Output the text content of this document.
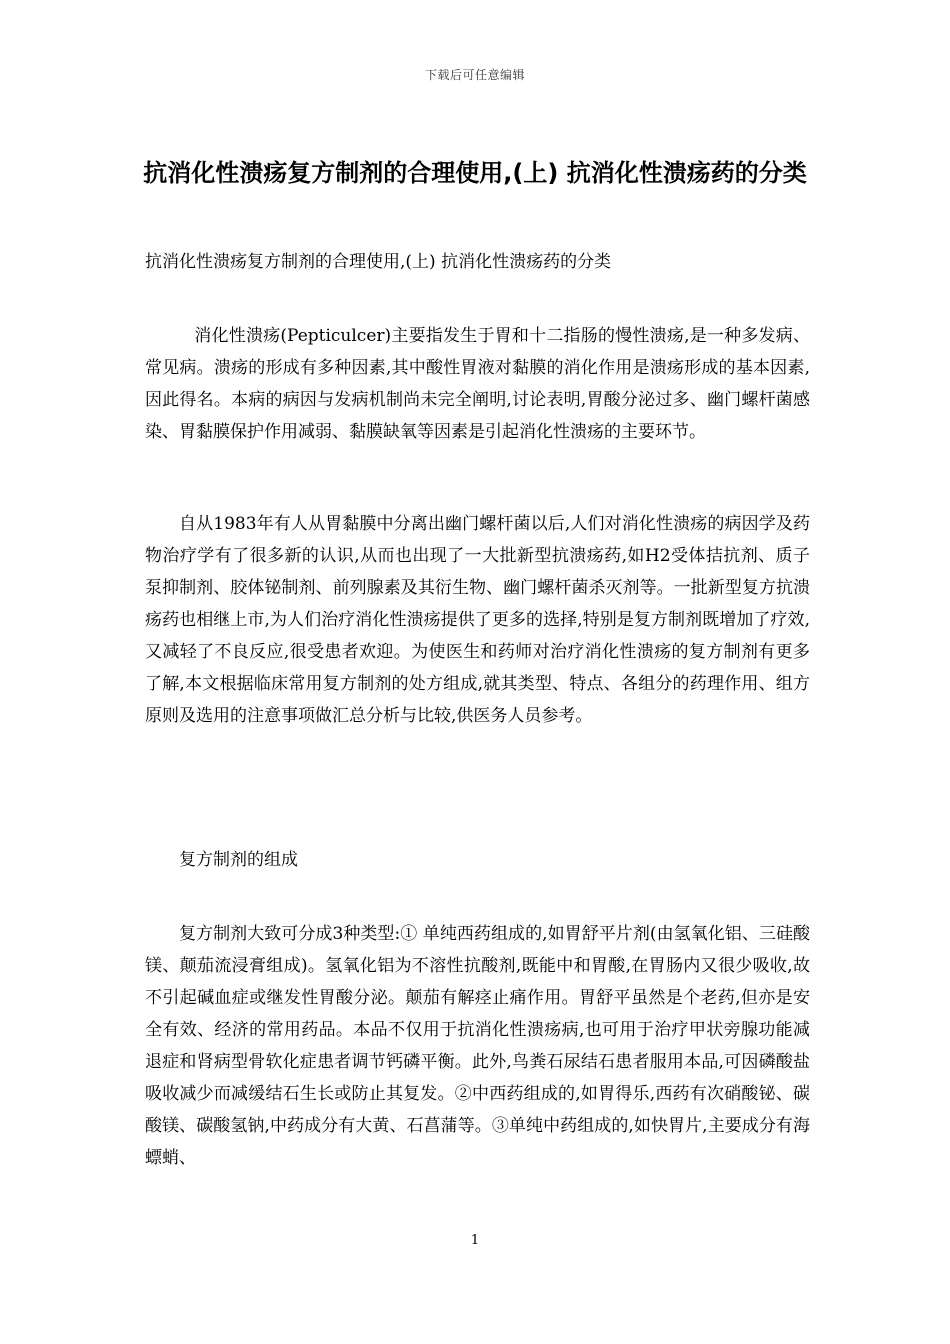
下载后可任意编辑
抗消化性溃疡复方制剂的合理使用,(上) 抗消化性溃疡药的分类

抗消化性溃疡复方制剂的合理使用,(上) 抗消化性溃疡药的分类

消化性溃疡(Pepticulcer)主要指发生于胃和十二指肠的慢性溃疡,是一种多发病、常见病。溃疡的形成有多种因素,其中酸性胃液对黏膜的消化作用是溃疡形成的基本因素,因此得名。本病的病因与发病机制尚未完全阐明,讨论表明,胃酸分泌过多、幽门螺杆菌感染、胃黏膜保护作用减弱、黏膜缺氧等因素是引起消化性溃疡的主要环节。

自从1983年有人从胃黏膜中分离出幽门螺杆菌以后,人们对消化性溃疡的病因学及药物治疗学有了很多新的认识,从而也出现了一大批新型抗溃疡药,如H2受体拮抗剂、质子泵抑制剂、胶体铋制剂、前列腺素及其衍生物、幽门螺杆菌杀灭剂等。一批新型复方抗溃疡药也相继上市,为人们治疗消化性溃疡提供了更多的选择,特别是复方制剂既增加了疗效,又减轻了不良反应,很受患者欢迎。为使医生和药师对治疗消化性溃疡的复方制剂有更多了解,本文根据临床常用复方制剂的处方组成,就其类型、特点、各组分的药理作用、组方原则及选用的注意事项做汇总分析与比较,供医务人员参考。

复方制剂的组成

复方制剂大致可分成3种类型:① 单纯西药组成的,如胃舒平片剂(由氢氧化铝、三硅酸镁、颠茄流浸膏组成)。氢氧化铝为不溶性抗酸剂,既能中和胃酸,在胃肠内又很少吸收,故不引起碱血症或继发性胃酸分泌。颠茄有解痉止痛作用。胃舒平虽然是个老药,但亦是安全有效、经济的常用药品。本品不仅用于抗消化性溃疡病,也可用于治疗甲状旁腺功能减退症和肾病型骨软化症患者调节钙磷平衡。此外,鸟粪石尿结石患者服用本品,可因磷酸盐吸收减少而减缓结石生长或防止其复发。②中西药组成的,如胃得乐,西药有次硝酸铋、碳酸镁、碳酸氢钠,中药成分有大黄、石菖蒲等。③单纯中药组成的,如快胃片,主要成分有海螵蛸、

1
